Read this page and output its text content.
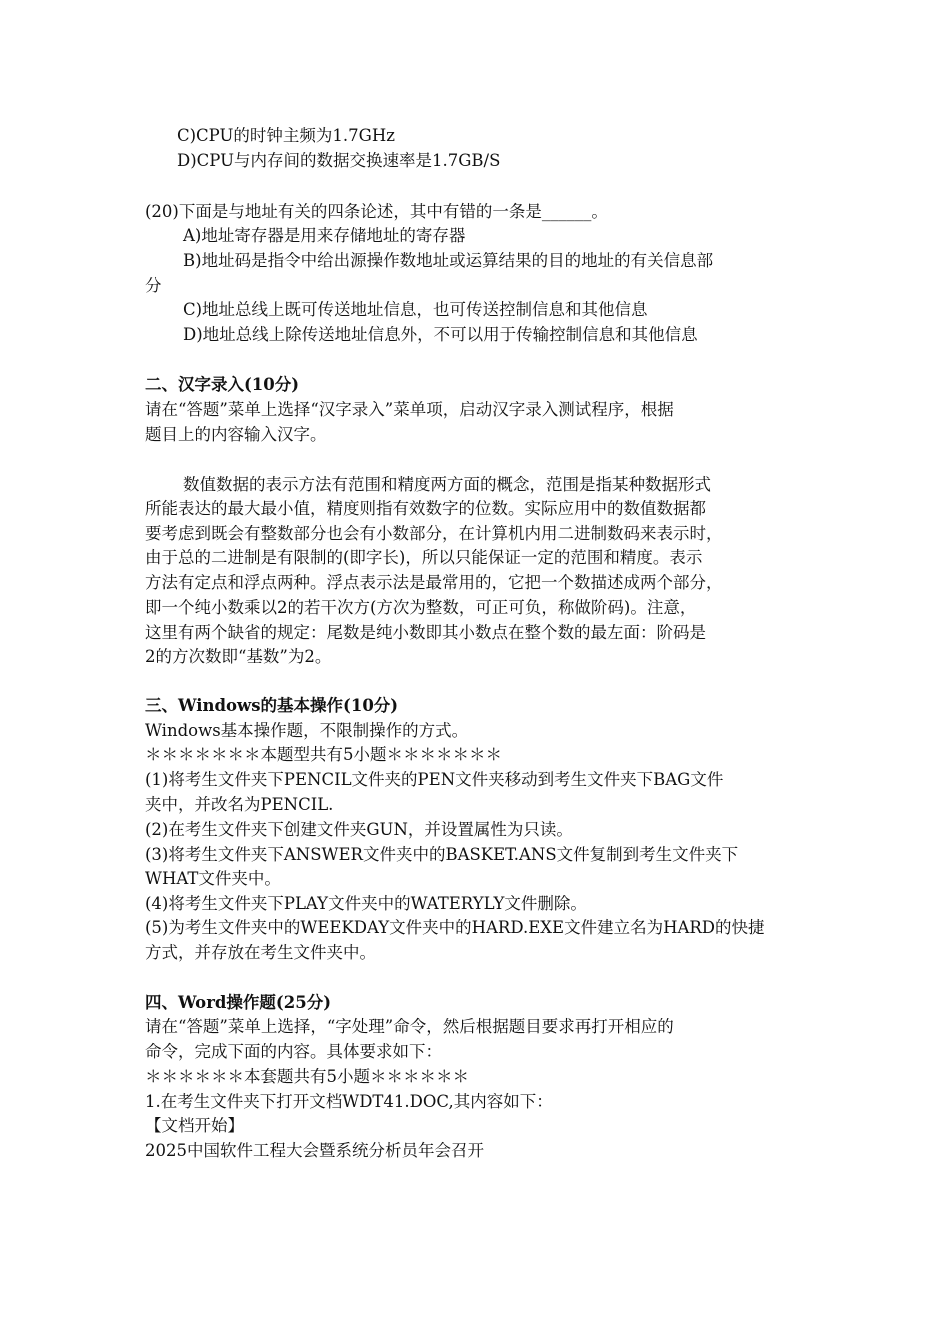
C)CPU的时钟主频为1.7GHz
D)CPU与内存间的数据交换速率是1.7GB/S
(20)下面是与地址有关的四条论述，其中有错的一条是______。
A)地址寄存器是用来存储地址的寄存器
B)地址码是指令中给出源操作数地址或运算结果的目的地址的有关信息部
分
C)地址总线上既可传送地址信息，也可传送控制信息和其他信息
D)地址总线上除传送地址信息外，不可以用于传输控制信息和其他信息
二、汉字录入(10分)
请在“答题”菜单上选择“汉字录入”菜单项，启动汉字录入测试程序，根据
题目上的内容输入汉字。
数值数据的表示方法有范围和精度两方面的概念，范围是指某种数据形式
所能表达的最大最小值，精度则指有效数字的位数。实际应用中的数值数据都
要考虑到既会有整数部分也会有小数部分，在计算机内用二进制数码来表示时，
由于总的二进制是有限制的(即字长)，所以只能保证一定的范围和精度。表示
方法有定点和浮点两种。浮点表示法是最常用的，它把一个数描述成两个部分，
即一个纯小数乘以2的若干次方(方次为整数，可正可负，称做阶码)。注意，
这里有两个缺省的规定：尾数是纯小数即其小数点在整个数的最左面：阶码是
2的方次数即“基数”为2。
三、Windows的基本操作(10分)
Windows基本操作题，不限制操作的方式。
＊＊＊＊＊＊＊本题型共有5小题＊＊＊＊＊＊＊
(1)将考生文件夹下PENCIL文件夹的PEN文件夹移动到考生文件夹下BAG文件
夹中，并改名为PENCIL.
(2)在考生文件夹下创建文件夹GUN，并设置属性为只读。
(3)将考生文件夹下ANSWER文件夹中的BASKET.ANS文件复制到考生文件夹下
WHAT文件夹中。
(4)将考生文件夹下PLAY文件夹中的WATERYLY文件删除。
(5)为考生文件夹中的WEEKDAY文件夹中的HARD.EXE文件建立名为HARD的快捷
方式，并存放在考生文件夹中。
四、Word操作题(25分)
请在“答题”菜单上选择，“字处理”命令，然后根据题目要求再打开相应的
命令，完成下面的内容。具体要求如下：
＊＊＊＊＊＊本套题共有5小题＊＊＊＊＊＊
1.在考生文件夹下打开文档WDT41.DOC,其内容如下：
【文档开始】
2025中国软件工程大会暨系统分析员年会召开
